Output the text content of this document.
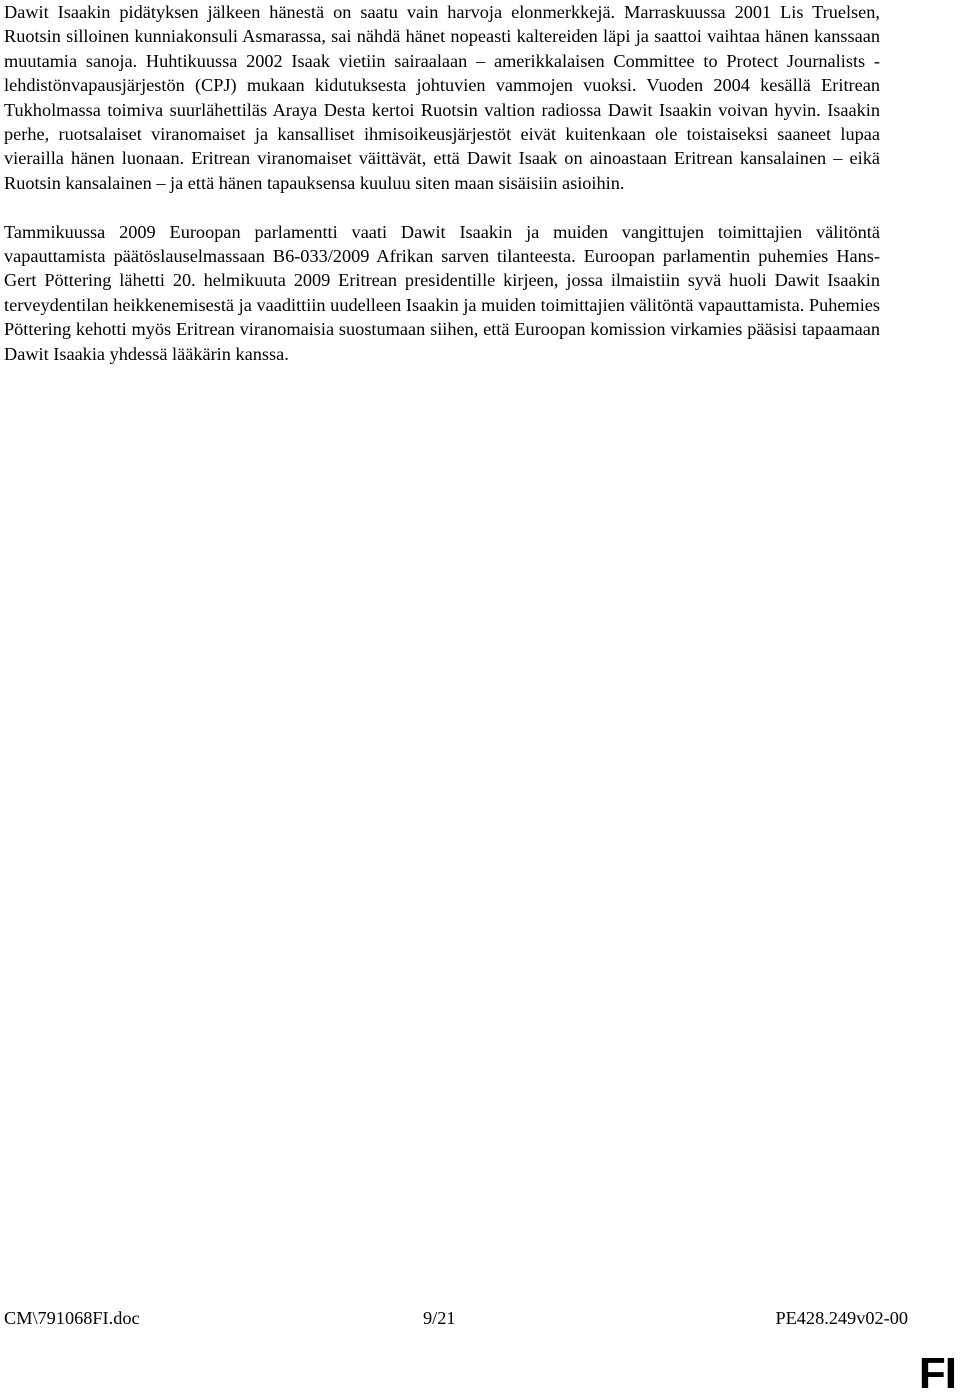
Dawit Isaakin pidätyksen jälkeen hänestä on saatu vain harvoja elonmerkkejä. Marraskuussa 2001 Lis Truelsen, Ruotsin silloinen kunniakonsuli Asmarassa, sai nähdä hänet nopeasti kaltereiden läpi ja saattoi vaihtaa hänen kanssaan muutamia sanoja. Huhtikuussa 2002 Isaak vietiin sairaalaan – amerikkalaisen Committee to Protect Journalists -lehdistönvapausjärjestön (CPJ) mukaan kidutuksesta johtuvien vammojen vuoksi. Vuoden 2004 kesällä Eritrean Tukholmassa toimiva suurlähettiläs Araya Desta kertoi Ruotsin valtion radiossa Dawit Isaakin voivan hyvin. Isaakin perhe, ruotsalaiset viranomaiset ja kansalliset ihmisoikeusjärjestöt eivät kuitenkaan ole toistaiseksi saaneet lupaa vierailla hänen luonaan. Eritrean viranomaiset väittävät, että Dawit Isaak on ainoastaan Eritrean kansalainen – eikä Ruotsin kansalainen – ja että hänen tapauksensa kuuluu siten maan sisäisiin asioihin.

Tammikuussa 2009 Euroopan parlamentti vaati Dawit Isaakin ja muiden vangittujen toimittajien välitöntä vapauttamista päätöslauselmassaan B6-033/2009 Afrikan sarven tilanteesta. Euroopan parlamentin puhemies Hans-Gert Pöttering lähetti 20. helmikuuta 2009 Eritrean presidentille kirjeen, jossa ilmaistiin syvä huoli Dawit Isaakin terveydentilan heikkenemisestä ja vaadittiin uudelleen Isaakin ja muiden toimittajien välitöntä vapauttamista. Puhemies Pöttering kehotti myös Eritrean viranomaisia suostumaan siihen, että Euroopan komission virkamies pääsisi tapaamaan Dawit Isaakia yhdessä lääkärin kanssa.

CM\791068FI.doc	9/21	PE428.249v02-00
FI
